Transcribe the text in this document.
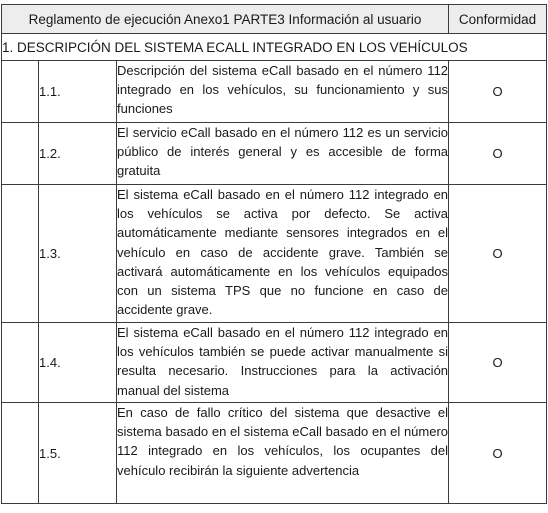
Reglamento de ejecución Anexo1 PARTE3 Información al usuario			Conformidad
1. DESCRIPCIÓN DEL SISTEMA ECALL INTEGRADO EN LOS VEHÍCULOS			
	1.1.	Descripción del sistema eCall basado en el número 112 integrado en los vehículos, su funcionamiento y sus funciones	O
	1.2.	El servicio eCall basado en el número 112 es un servicio público de interés general y es accesible de forma gratuita	O
	1.3.	El sistema eCall basado en el número 112 integrado en los vehículos se activa por defecto. Se activa automáticamente mediante sensores integrados en el vehículo en caso de accidente grave. También se activará automáticamente en los vehículos equipados con un sistema TPS que no funcione en caso de accidente grave.	O
	1.4.	El sistema eCall basado en el número 112 integrado en los vehículos también se puede activar manualmente si resulta necesario. Instrucciones para la activación manual del sistema	O
	1.5.	En caso de fallo crítico del sistema que desactive el sistema basado en el sistema eCall basado en el número 112 integrado en los vehículos, los ocupantes del vehículo recibirán la siguiente advertencia	O
